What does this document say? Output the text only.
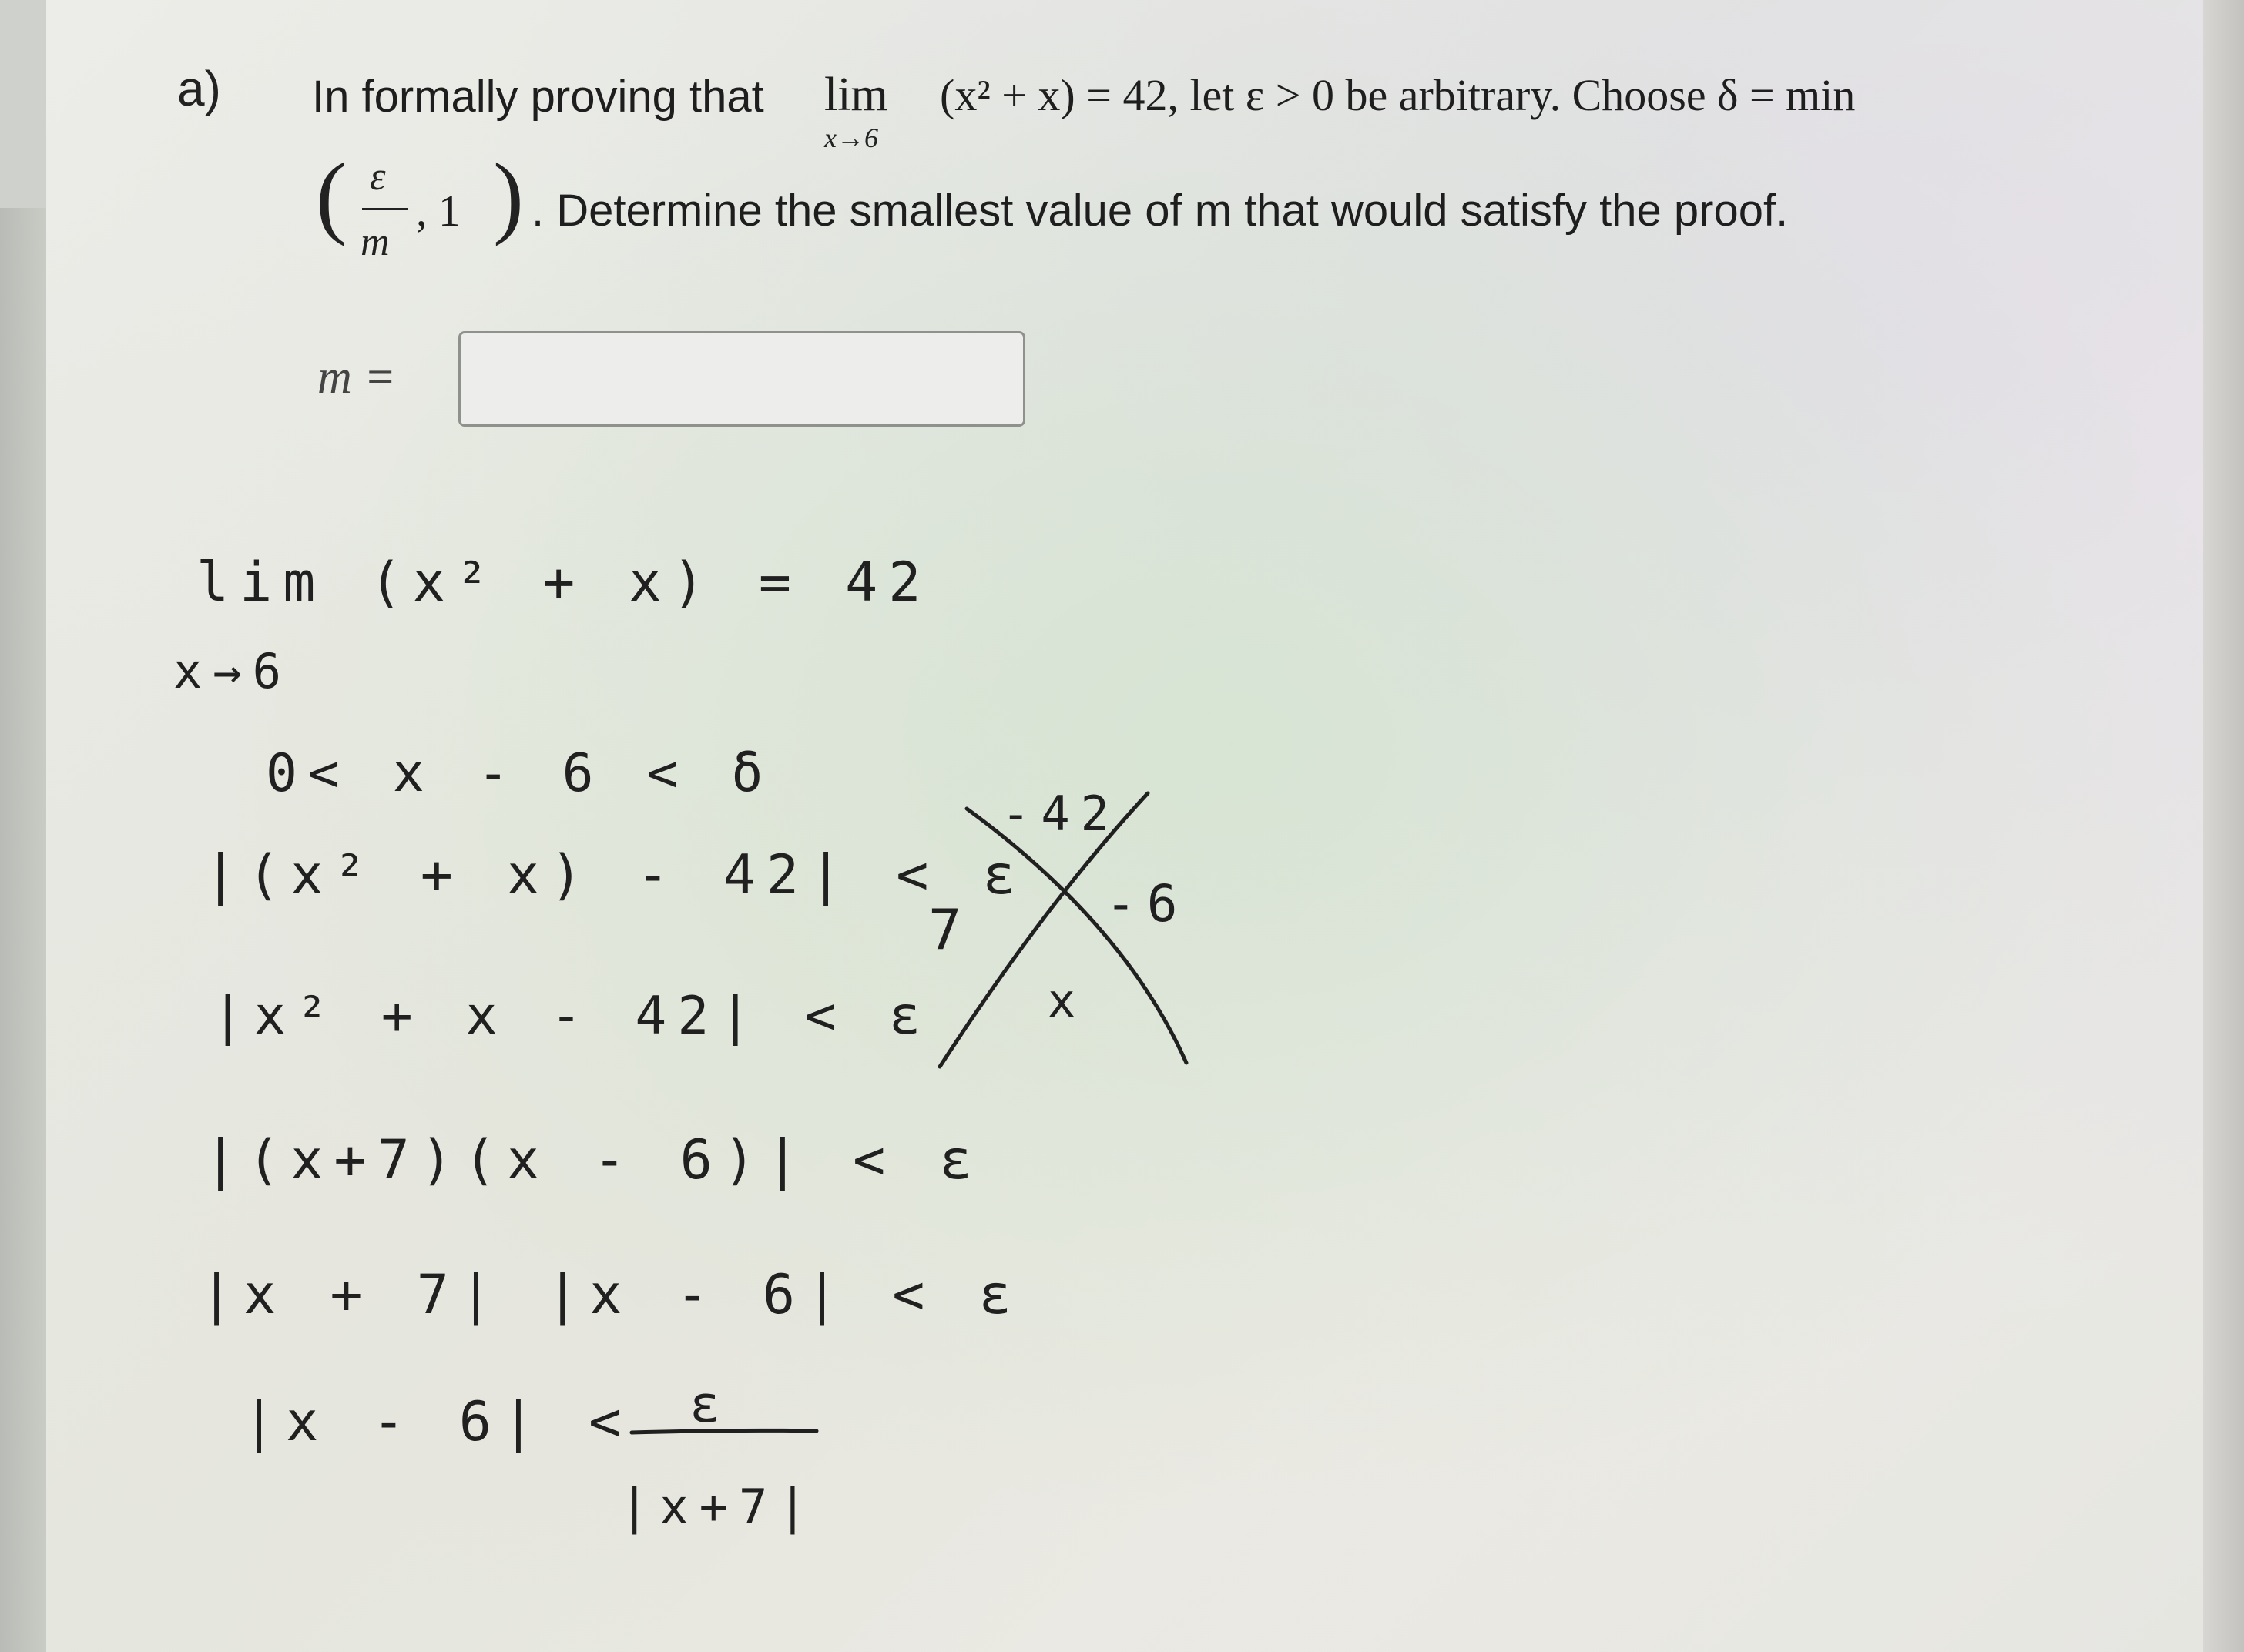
a) In formally proving that lim
x→6
(x² + x) = 42, let ε > 0 be arbitrary. Choose δ = min
( ε
m
, 1 ) . Determine the smallest value of m that would satisfy the proof.
m =
lim (x² + x) = 42
x→6
0< x - 6 < δ
|(x² + x) - 42| < ε
|x² + x - 42| < ε
|(x+7)(x - 6)| < ε
|x + 7| |x - 6| < ε
|x - 6| < ε
|x+7|
-42
7	-6
x
